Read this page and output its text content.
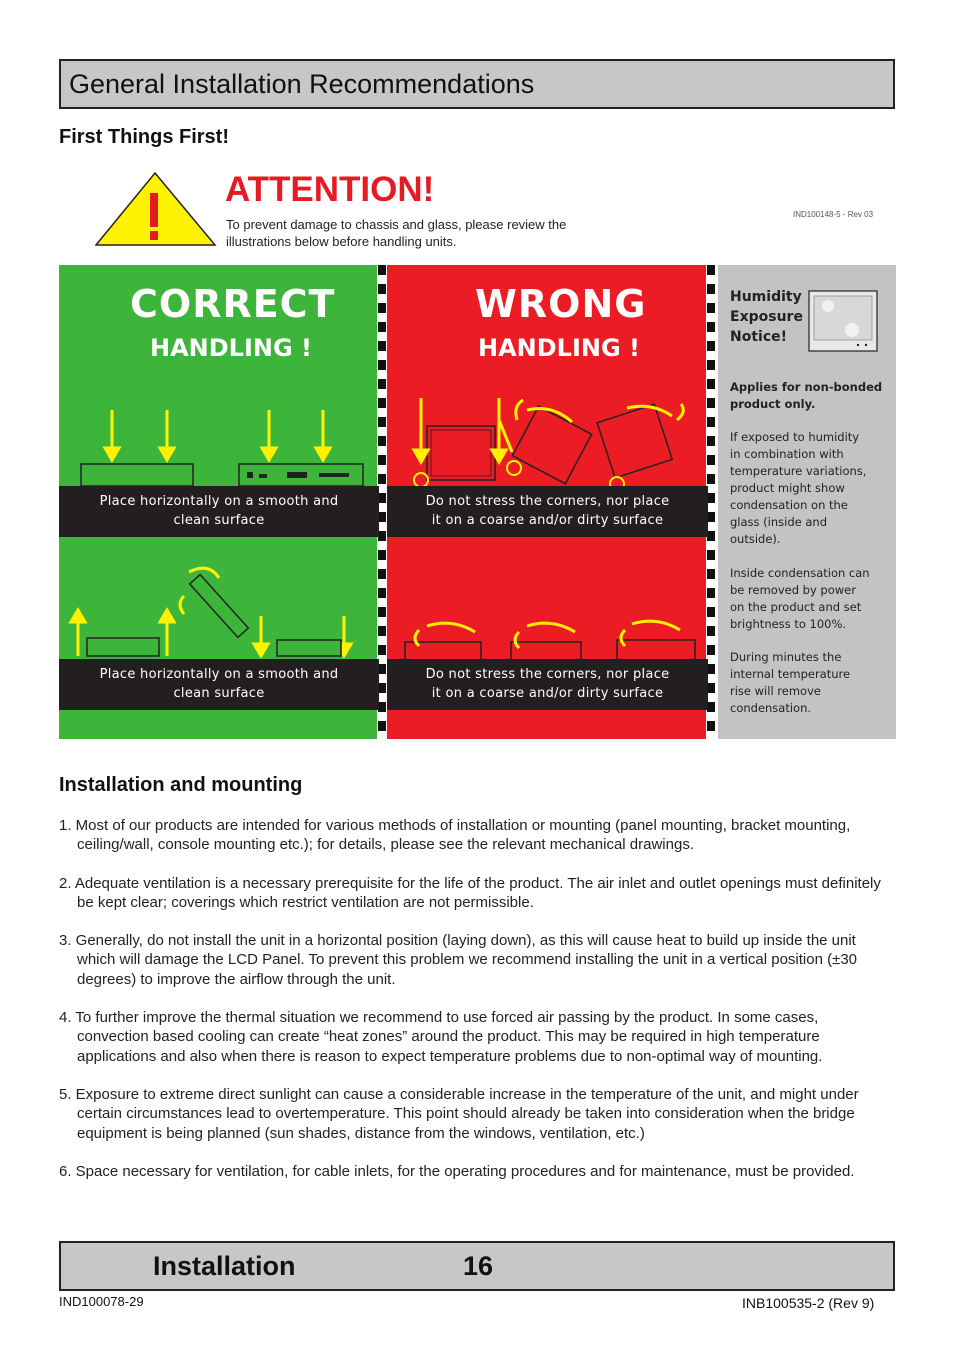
General Installation Recommendations
First Things First!
ATTENTION!
To prevent damage to chassis and glass, please review the illustrations below before handling units.
IND100148-5 - Rev 03
CORRECT
HANDLING !
WRONG
HANDLING !
Place horizontally on a smooth and
clean surface
Do not stress the corners, nor place
it on a coarse and/or dirty surface
Place horizontally on a smooth and
clean surface
Do not stress the corners, nor place
it on a coarse and/or dirty surface
Humidity
Exposure
Notice!
Applies for non-bonded
product only.
If exposed to humidity
in combination with
temperature variations,
product might show
condensation on the
glass (inside and
outside).
Inside condensation can
be removed by power
on the product and set
brightness to 100%.
During minutes the
internal temperature
rise will remove
condensation.
Installation and mounting

1. Most of our products are intended for various methods of installation or mounting (panel mounting, bracket mounting, ceiling/wall, console mounting etc.); for details, please see the relevant mechanical drawings.

2. Adequate ventilation is a necessary prerequisite for the life of the product. The air inlet and outlet openings must definitely be kept clear; coverings which restrict ventilation are not permissible.

3. Generally, do not install the unit in a horizontal position (laying down), as this will cause heat to build up inside the unit which will damage the LCD Panel. To prevent this problem we recommend installing the unit in a vertical position (±30 degrees) to improve the airflow through the unit.

4. To further improve the thermal situation we recommend to use forced air passing by the product. In some cases, convection based cooling can create “heat zones” around the product. This may be required in high temperature applications and also when there is reason to expect temperature problems due to non-optimal way of mounting.

5. Exposure to extreme direct sunlight can cause a considerable increase in the temperature of the unit, and might under certain circumstances lead to overtemperature. This point should already be taken into consideration when the bridge equipment is being planned (sun shades, distance from the windows, ventilation, etc.)

6. Space necessary for ventilation, for cable inlets, for the operating procedures and for maintenance, must be provided.

Installation	16
IND100078-29	INB100535-2 (Rev 9)
